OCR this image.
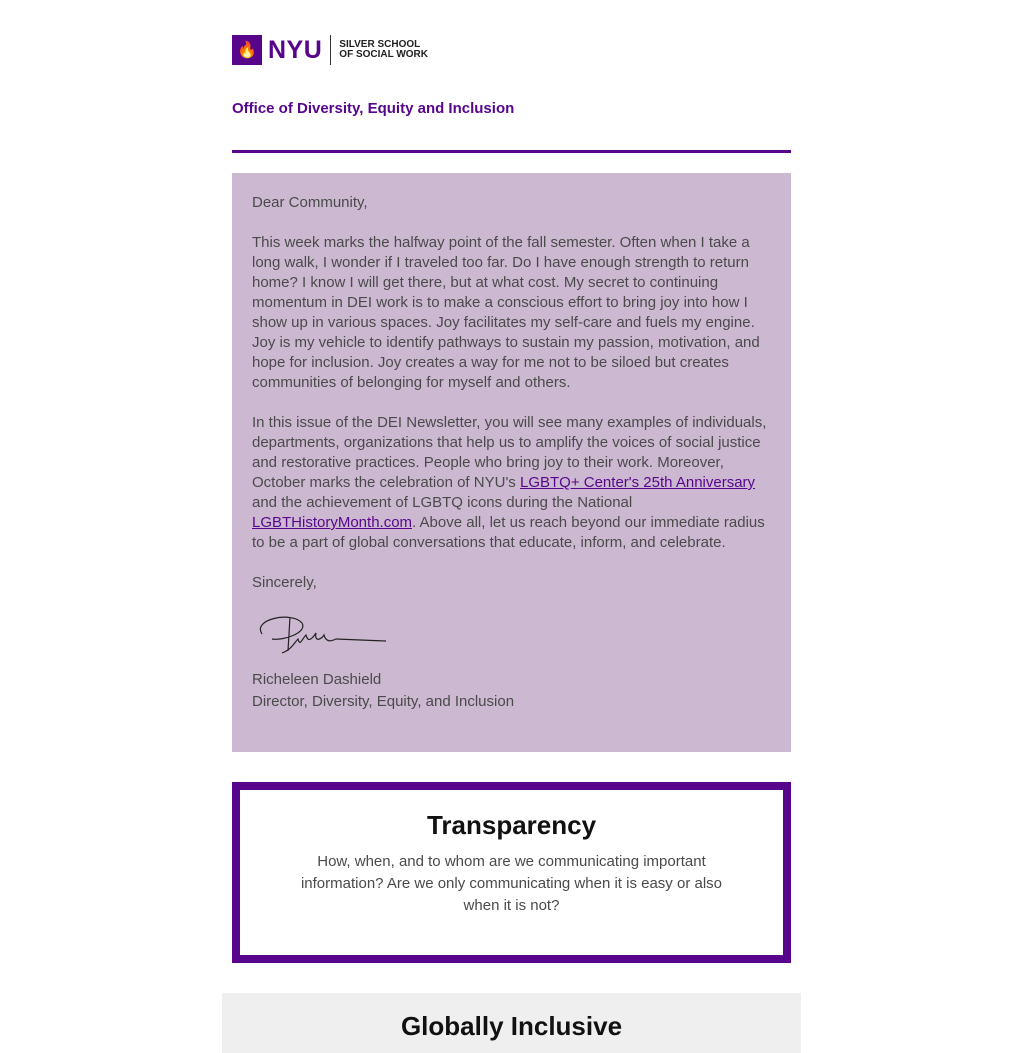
🔥 NYU SILVER SCHOOL
OF SOCIAL WORK
Office of Diversity, Equity and Inclusion

Dear Community,

This week marks the halfway point of the fall semester. Often when I take a long walk, I wonder if I traveled too far. Do I have enough strength to return home? I know I will get there, but at what cost. My secret to continuing momentum in DEI work is to make a conscious effort to bring joy into how I show up in various spaces. Joy facilitates my self-care and fuels my engine. Joy is my vehicle to identify pathways to sustain my passion, motivation, and hope for inclusion. Joy creates a way for me not to be siloed but creates communities of belonging for myself and others.

In this issue of the DEI Newsletter, you will see many examples of individuals, departments, organizations that help us to amplify the voices of social justice and restorative practices. People who bring joy to their work. Moreover, October marks the celebration of NYU's LGBTQ+ Center's 25th Anniversary and the achievement of LGBTQ icons during the National LGBTHistoryMonth.com. Above all, let us reach beyond our immediate radius to be a part of global conversations that educate, inform, and celebrate.

Sincerely,

Richeleen Dashield
Director, Diversity, Equity, and Inclusion
Transparency

How, when, and to whom are we communicating important information? Are we only communicating when it is easy or also when it is not?

Globally Inclusive
